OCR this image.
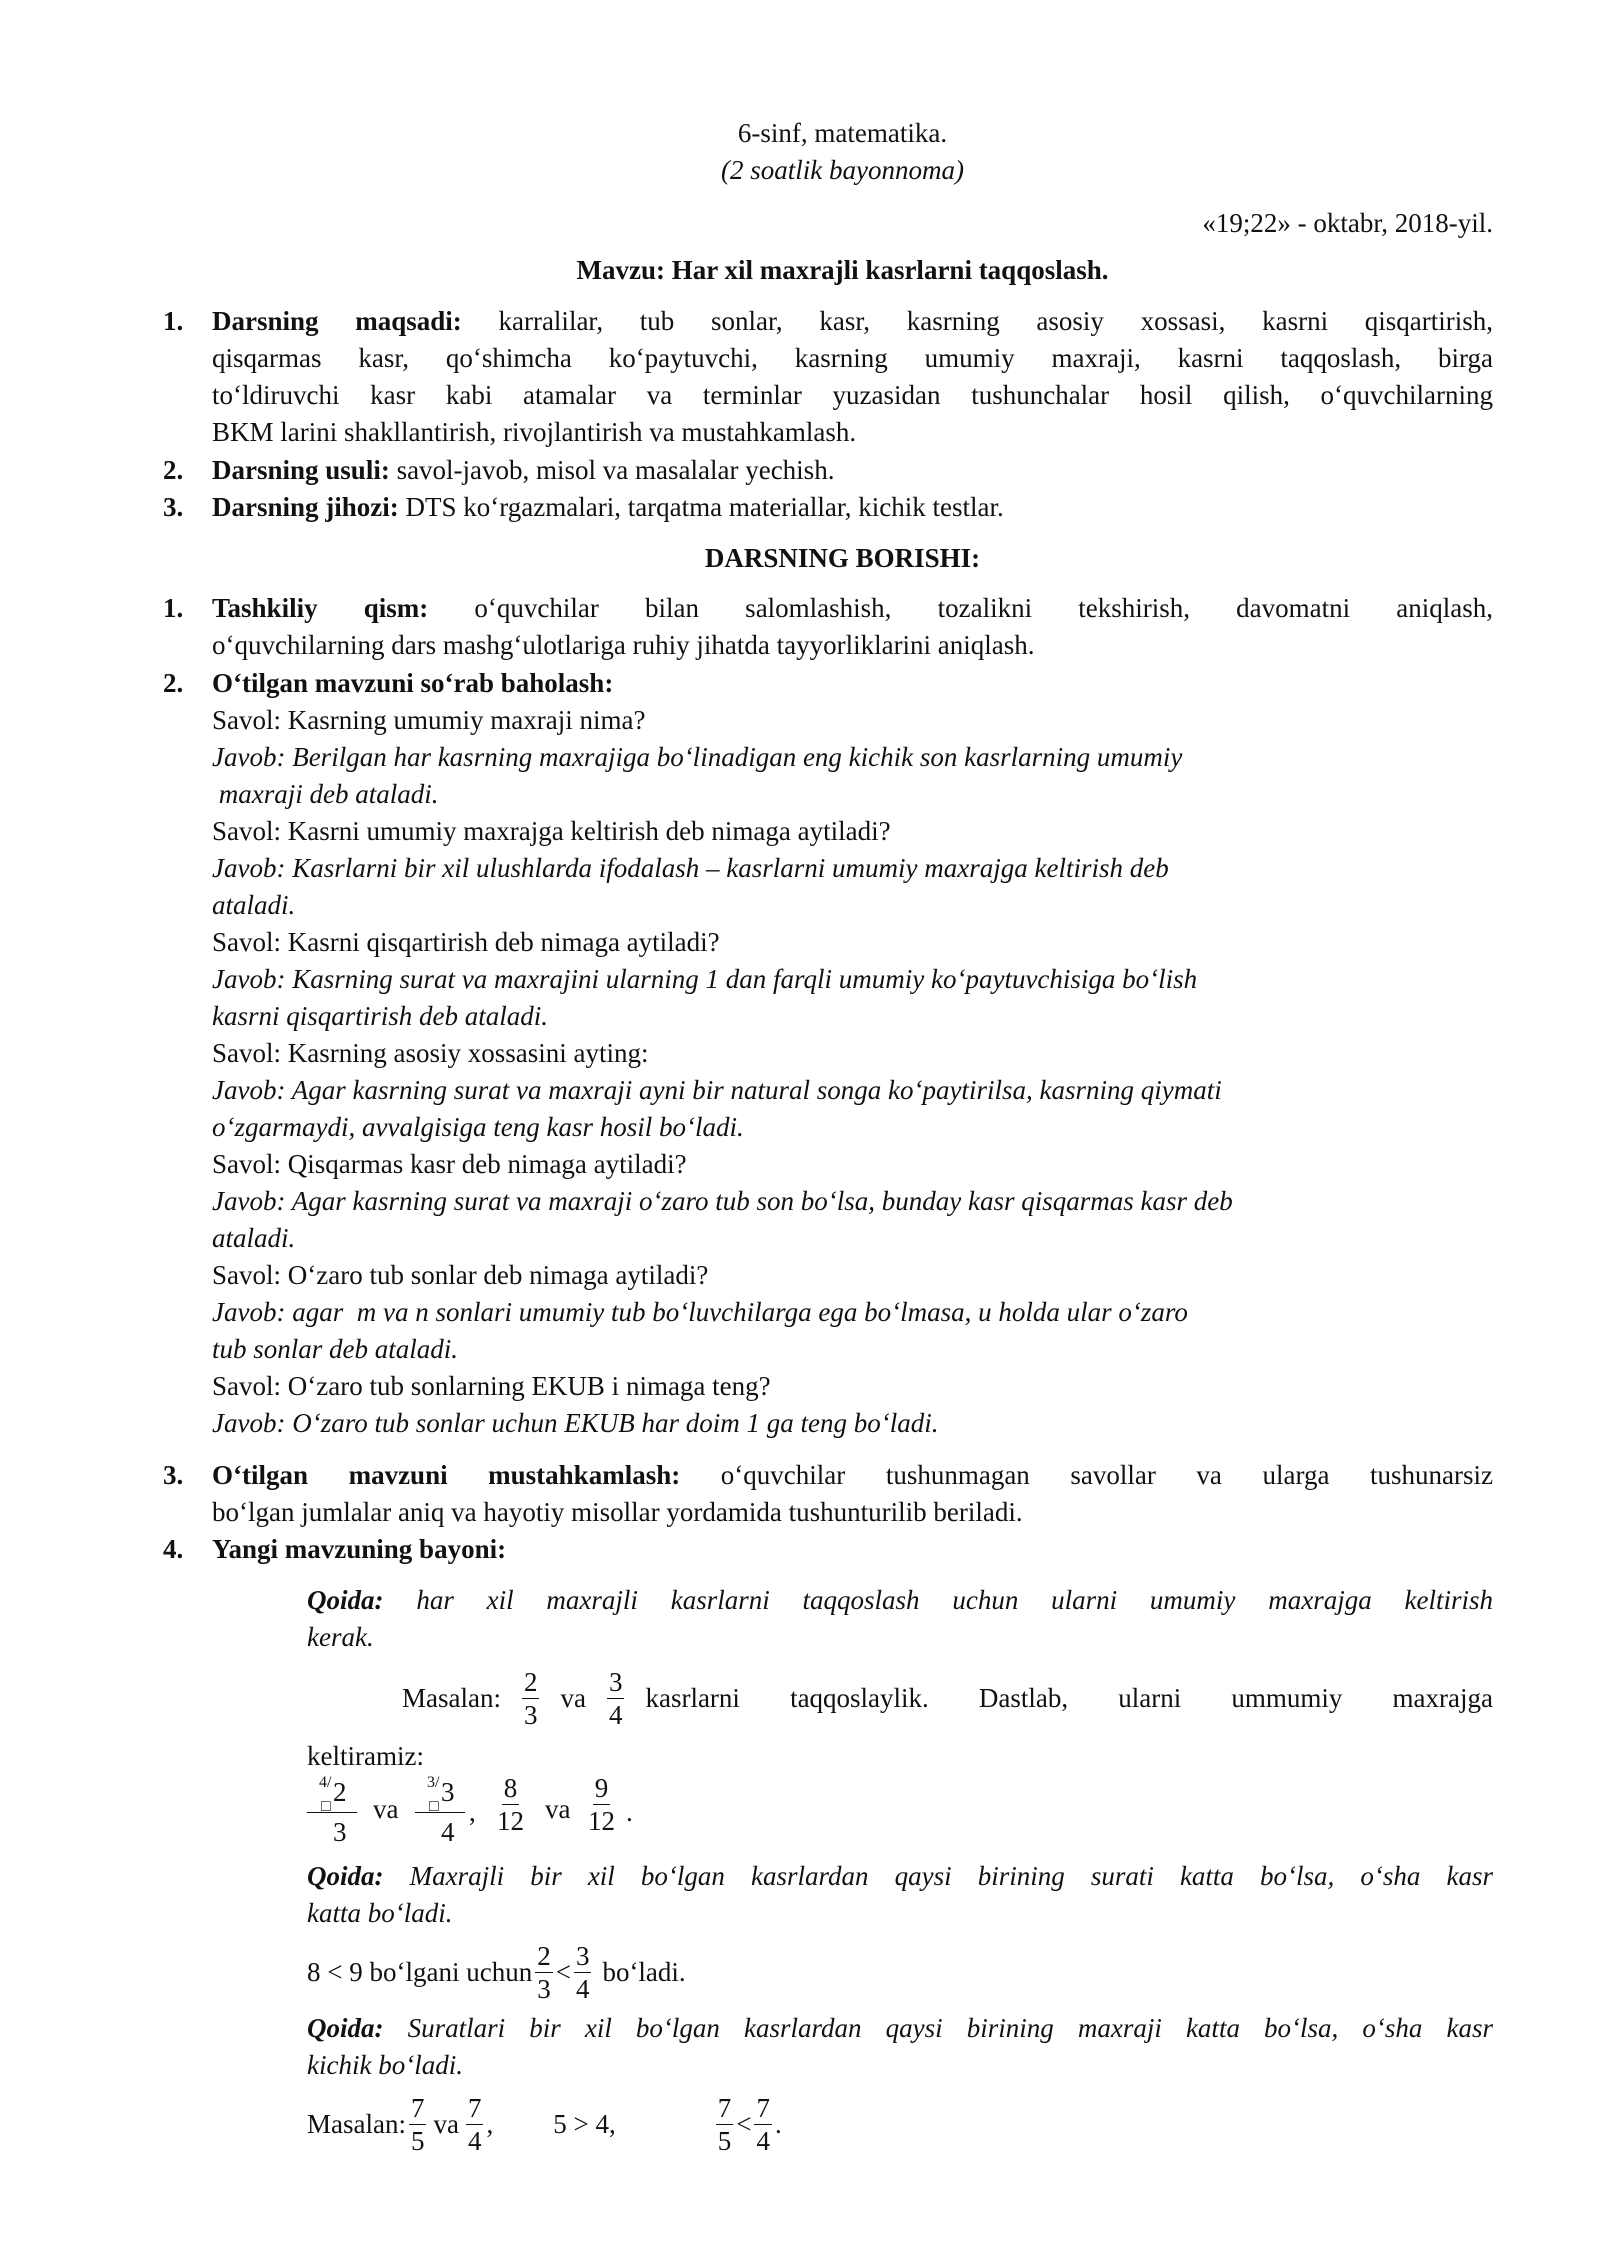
6-sinf, matematika.
(2 soatlik bayonnoma)
«19;22» - oktabr, 2018-yil.
Mavzu: Har xil maxrajli kasrlarni taqqoslash.
1. Darsning maqsadi: karralilar, tub sonlar, kasr, kasrning asosiy xossasi, kasrni qisqartirish,
qisqarmas kasr, qo‘shimcha ko‘paytuvchi, kasrning umumiy maxraji, kasrni taqqoslash, birga
to‘ldiruvchi kasr kabi atamalar va terminlar yuzasidan tushunchalar hosil qilish, o‘quvchilarning
BKM larini shakllantirish, rivojlantirish va mustahkamlash.
2. Darsning usuli: savol-javob, misol va masalalar yechish.
3. Darsning jihozi: DTS ko‘rgazmalari, tarqatma materiallar, kichik testlar.
DARSNING BORISHI:
1. Tashkiliy qism: o‘quvchilar bilan salomlashish, tozalikni tekshirish, davomatni aniqlash,
o‘quvchilarning dars mashg‘ulotlariga ruhiy jihatda tayyorliklarini aniqlash.
2. O‘tilgan mavzuni so‘rab baholash:
Savol: Kasrning umumiy maxraji nima?
Javob: Berilgan har kasrning maxrajiga bo‘linadigan eng kichik son kasrlarning umumiy
maxraji deb ataladi.
Savol: Kasrni umumiy maxrajga keltirish deb nimaga aytiladi?
Javob: Kasrlarni bir xil ulushlarda ifodalash – kasrlarni umumiy maxrajga keltirish deb
ataladi.
Savol: Kasrni qisqartirish deb nimaga aytiladi?
Javob: Kasrning surat va maxrajini ularning 1 dan farqli umumiy ko‘paytuvchisiga bo‘lish
kasrni qisqartirish deb ataladi.
Savol: Kasrning asosiy xossasini ayting:
Javob: Agar kasrning surat va maxraji ayni bir natural songa ko‘paytirilsa, kasrning qiymati
o‘zgarmaydi, avvalgisiga teng kasr hosil bo‘ladi.
Savol: Qisqarmas kasr deb nimaga aytiladi?
Javob: Agar kasrning surat va maxraji o‘zaro tub son bo‘lsa, bunday kasr qisqarmas kasr deb
ataladi.
Savol: O‘zaro tub sonlar deb nimaga aytiladi?
Javob: agar  m va n sonlari umumiy tub bo‘luvchilarga ega bo‘lmasa, u holda ular o‘zaro
tub sonlar deb ataladi.
Savol: O‘zaro tub sonlarning EKUB i nimaga teng?
Javob: O‘zaro tub sonlar uchun EKUB har doim 1 ga teng bo‘ladi.
3. O‘tilgan mavzuni mustahkamlash: o‘quvchilar tushunmagan savollar va ularga tushunarsiz
bo‘lgan jumlalar aniq va hayotiy misollar yordamida tushunturilib beriladi.
4. Yangi mavzuning bayoni:
Qoida: har xil maxrajli kasrlarni taqqoslash uchun ularni umumiy maxrajga keltirish
kerak.
Masalan: $\frac{2}{3}$ va $\frac{3}{4}$ kasrlarni taqqoslaylik. Dastlab, ularni ummumiy maxrajga
keltiramiz:
4/
□ 2
3
va
3/
□ 3
4
, $\frac{8}{12}$ va $\frac{9}{12}$ .
Qoida: Maxrajli bir xil bo‘lgan kasrlardan qaysi birining surati katta bo‘lsa, o‘sha kasr
katta bo‘ladi.
8 < 9 bo‘lgani uchun $\frac{2}{3} < \frac{3}{4}$ bo‘ladi.
Qoida: Suratlari bir xil bo‘lgan kasrlardan qaysi birining maxraji katta bo‘lsa, o‘sha kasr
kichik bo‘ladi.
Masalan: $\frac{7}{5}$ va $\frac{7}{4}$ , 5 > 4,	$\frac{7}{5} < \frac{7}{4}$ .
